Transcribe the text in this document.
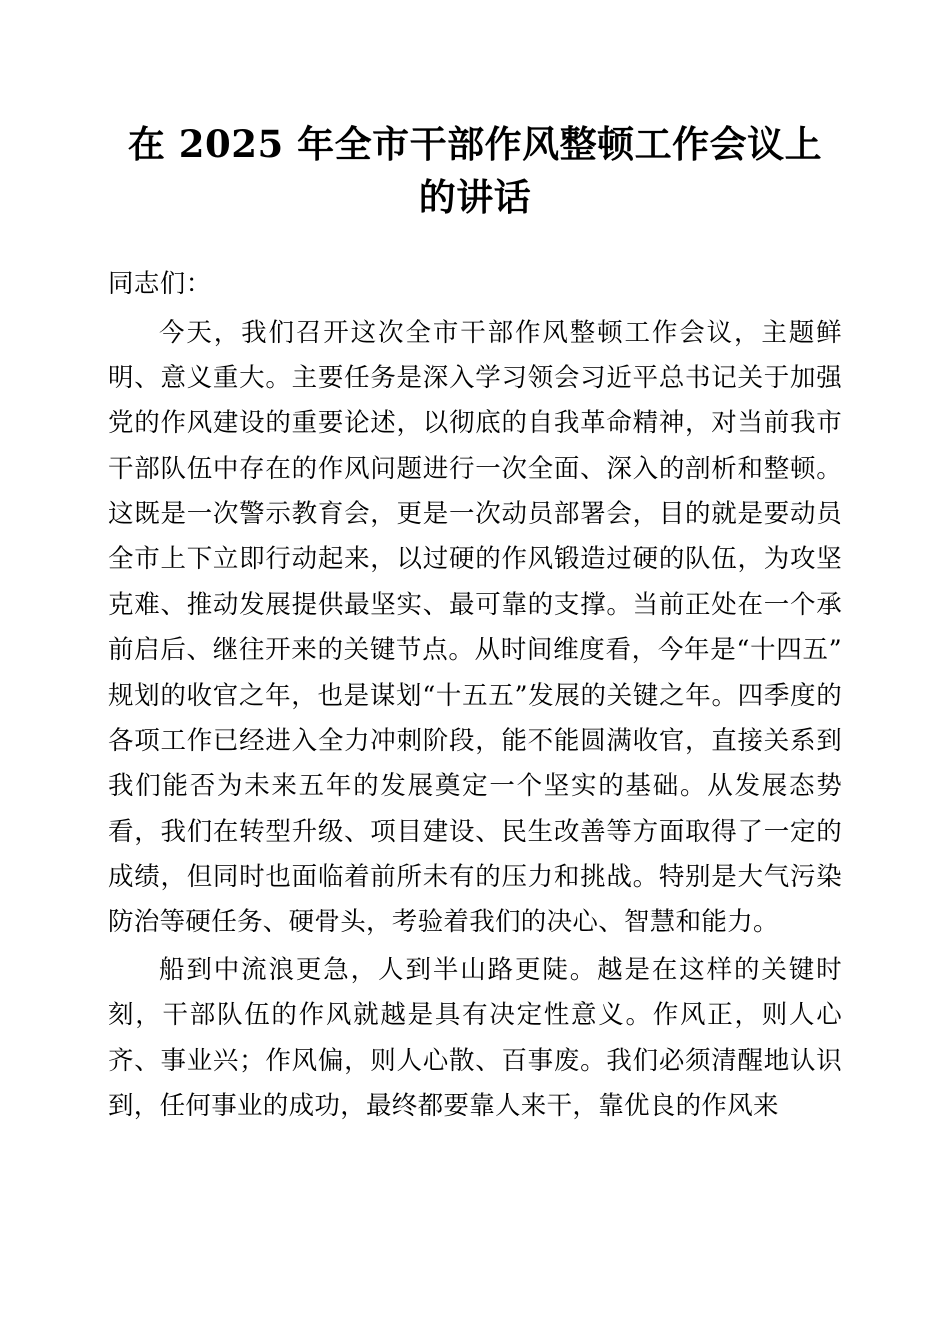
在 2025 年全市干部作风整顿工作会议上的讲话

同志们：

今天，我们召开这次全市干部作风整顿工作会议，主题鲜明、意义重大。主要任务是深入学习领会习近平总书记关于加强党的作风建设的重要论述，以彻底的自我革命精神，对当前我市干部队伍中存在的作风问题进行一次全面、深入的剖析和整顿。这既是一次警示教育会，更是一次动员部署会，目的就是要动员全市上下立即行动起来，以过硬的作风锻造过硬的队伍，为攻坚克难、推动发展提供最坚实、最可靠的支撑。当前正处在一个承前启后、继往开来的关键节点。从时间维度看，今年是“十四五”规划的收官之年，也是谋划“十五五”发展的关键之年。四季度的各项工作已经进入全力冲刺阶段，能不能圆满收官，直接关系到我们能否为未来五年的发展奠定一个坚实的基础。从发展态势看，我们在转型升级、项目建设、民生改善等方面取得了一定的成绩，但同时也面临着前所未有的压力和挑战。特别是大气污染防治等硬任务、硬骨头，考验着我们的决心、智慧和能力。

船到中流浪更急，人到半山路更陡。越是在这样的关键时刻，干部队伍的作风就越是具有决定性意义。作风正，则人心齐、事业兴；作风偏，则人心散、百事废。我们必须清醒地认识到，任何事业的成功，最终都要靠人来干，靠优良的作风来
